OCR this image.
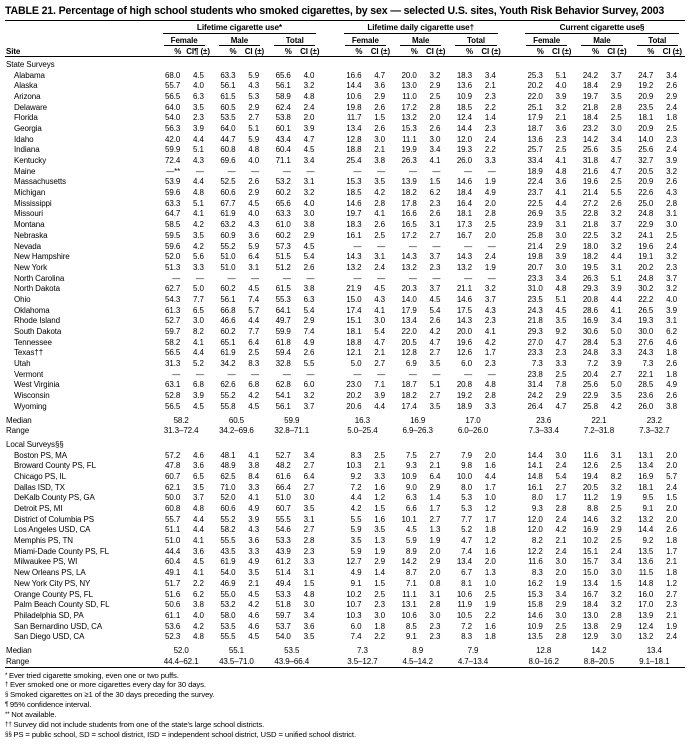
TABLE 21. Percentage of high school students who smoked cigarettes, by sex — selected U.S. sites, Youth Risk Behavior Survey, 2003

	Lifetime cigarette use*							Lifetime daily cigarette use†							Current cigarette use§					

	Female		Male		Total			Female		Male		Total			Female		Male		Total	

Site	%	CI¶ (±)	%	CI (±)	%	CI (±)		%	CI (±)	%	CI (±)	%	CI (±)		%	CI (±)	%	CI (±)	%	CI (±)
State Surveys																				
Alabama	68.0	4.5	63.3	5.9	65.6	4.0		16.6	4.7	20.0	3.2	18.3	3.4		25.3	5.1	24.2	3.7	24.7	3.4
Alaska	55.7	4.0	56.1	4.3	56.1	3.2		14.4	3.6	13.0	2.9	13.6	2.1		20.2	4.0	18.4	2.9	19.2	2.6
Arizona	56.5	6.3	61.5	5.3	58.9	4.8		10.6	2.9	11.0	2.5	10.9	2.3		22.0	3.9	19.7	3.5	20.9	2.9
Delaware	64.0	3.5	60.5	2.9	62.4	2.4		19.8	2.6	17.2	2.8	18.5	2.2		25.1	3.2	21.8	2.8	23.5	2.4
Florida	54.0	2.3	53.5	2.7	53.8	2.0		11.7	1.5	13.2	2.0	12.4	1.4		17.9	2.1	18.4	2.5	18.1	1.8
Georgia	56.3	3.9	64.0	5.1	60.1	3.9		13.4	2.6	15.3	2.6	14.4	2.3		18.7	3.6	23.2	3.0	20.9	2.5
Idaho	42.0	4.4	44.7	5.9	43.4	4.7		12.8	3.0	11.1	3.0	12.0	2.4		13.6	2.3	14.2	3.4	14.0	2.3
Indiana	59.9	5.1	60.8	4.8	60.4	4.5		18.8	2.1	19.9	3.4	19.3	2.2		25.7	2.5	25.6	3.5	25.6	2.4
Kentucky	72.4	4.3	69.6	4.0	71.1	3.4		25.4	3.8	26.3	4.1	26.0	3.3		33.4	4.1	31.8	4.7	32.7	3.9
Maine	—**	—	—	—	—	—		—	—	—	—	—	—		18.9	4.8	21.6	4.7	20.5	3.2
Massachusetts	53.9	4.4	52.5	2.6	53.2	3.1		15.3	3.5	13.9	1.5	14.6	1.9		22.4	3.6	19.6	2.5	20.9	2.6
Michigan	59.6	4.8	60.6	2.9	60.2	3.2		18.5	4.2	18.2	6.2	18.4	4.9		23.7	4.1	21.4	5.5	22.6	4.3
Mississippi	63.3	5.1	67.7	4.5	65.6	4.0		14.6	2.8	17.8	2.3	16.4	2.0		22.5	4.4	27.2	2.6	25.0	2.8
Missouri	64.7	4.1	61.9	4.0	63.3	3.0		19.7	4.1	16.6	2.6	18.1	2.8		26.9	3.5	22.8	3.2	24.8	3.1
Montana	58.5	4.2	63.2	4.3	61.0	3.8		18.3	2.6	16.5	3.1	17.3	2.5		23.9	3.1	21.8	3.7	22.9	3.0
Nebraska	59.5	3.5	60.9	3.6	60.2	2.9		16.1	2.5	17.2	2.7	16.7	2.0		25.8	3.0	22.5	3.2	24.1	2.5
Nevada	59.6	4.2	55.2	5.9	57.3	4.5		—	—	—	—	—	—		21.4	2.9	18.0	3.2	19.6	2.4
New Hampshire	52.0	5.6	51.0	6.4	51.5	5.4		14.3	3.1	14.3	3.7	14.3	2.4		19.8	3.9	18.2	4.4	19.1	3.2
New York	51.3	3.3	51.0	3.1	51.2	2.6		13.2	2.4	13.2	2.3	13.2	1.9		20.7	3.0	19.5	3.1	20.2	2.3
North Carolina	—	—	—	—	—	—		—	—	—	—	—	—		23.3	3.4	26.3	5.1	24.8	3.7
North Dakota	62.7	5.0	60.2	4.5	61.5	3.8		21.9	4.5	20.3	3.7	21.1	3.2		31.0	4.8	29.3	3.9	30.2	3.2
Ohio	54.3	7.7	56.1	7.4	55.3	6.3		15.0	4.3	14.0	4.5	14.6	3.7		23.5	5.1	20.8	4.4	22.2	4.0
Oklahoma	61.3	6.5	66.8	5.7	64.1	5.4		17.4	4.1	17.9	5.4	17.5	4.3		24.3	4.5	28.6	4.1	26.5	3.9
Rhode Island	52.7	3.0	46.6	4.4	49.7	2.9		15.1	3.0	13.4	2.6	14.3	2.3		21.8	3.5	16.9	3.4	19.3	3.1
South Dakota	59.7	8.2	60.2	7.7	59.9	7.4		18.1	5.4	22.0	4.2	20.0	4.1		29.3	9.2	30.6	5.0	30.0	6.2
Tennessee	58.2	4.1	65.1	6.4	61.8	4.9		18.8	4.7	20.5	4.7	19.6	4.2		27.0	4.7	28.4	5.3	27.6	4.6
Texas††	56.5	4.4	61.9	2.5	59.4	2.6		12.1	2.1	12.8	2.7	12.6	1.7		23.3	2.3	24.8	3.3	24.3	1.8
Utah	31.3	5.2	34.2	8.3	32.8	5.5		5.0	2.7	6.9	3.5	6.0	2.3		7.3	3.3	7.2	3.9	7.3	2.6
Vermont	—	—	—	—	—	—		—	—	—	—	—	—		23.8	2.5	20.4	2.7	22.1	1.8
West Virginia	63.1	6.8	62.6	6.8	62.8	6.0		23.0	7.1	18.7	5.1	20.8	4.8		31.4	7.8	25.6	5.0	28.5	4.9
Wisconsin	52.8	3.9	55.2	4.2	54.1	3.2		20.2	3.9	18.2	2.7	19.2	2.8		24.2	2.9	22.9	3.5	23.6	2.6
Wyoming	56.5	4.5	55.8	4.5	56.1	3.7		20.6	4.4	17.4	3.5	18.9	3.3		26.4	4.7	25.8	4.2	26.0	3.8
Median	58.2		60.5		59.9			16.3		16.9		17.0			23.6		22.1		23.2	
Range	31.3–72.4		34.2–69.6		32.8–71.1			5.0–25.4		6.9–26.3		6.0–26.0			7.3–33.4		7.2–31.8		7.3–32.7	
Local Surveys§§																				
Boston PS, MA	57.2	4.6	48.1	4.1	52.7	3.4		8.3	2.5	7.5	2.7	7.9	2.0		14.4	3.0	11.6	3.1	13.1	2.0
Broward County PS, FL	47.8	3.6	48.9	3.8	48.2	2.7		10.3	2.1	9.3	2.1	9.8	1.6		14.1	2.4	12.6	2.5	13.4	2.0
Chicago PS, IL	60.7	6.5	62.5	8.4	61.6	6.4		9.2	3.3	10.9	6.4	10.0	4.4		14.8	5.4	19.4	8.2	16.9	5.7
Dallas ISD, TX	62.1	3.5	71.0	3.3	66.4	2.7		7.2	1.6	9.0	2.9	8.0	1.7		16.1	2.7	20.5	3.2	18.1	2.4
DeKalb County PS, GA	50.0	3.7	52.0	4.1	51.0	3.0		4.4	1.2	6.3	1.4	5.3	1.0		8.0	1.7	11.2	1.9	9.5	1.5
Detroit PS, MI	60.8	4.8	60.6	4.9	60.7	3.5		4.2	1.5	6.6	1.7	5.3	1.2		9.3	2.8	8.8	2.5	9.1	2.0
District of Columbia PS	55.7	4.4	55.2	3.9	55.5	3.1		5.5	1.6	10.1	2.7	7.7	1.7		12.0	2.4	14.6	3.2	13.2	2.0
Los Angeles USD, CA	51.1	4.4	58.2	4.3	54.6	2.7		5.9	3.5	4.5	1.3	5.2	1.8		12.0	4.2	16.9	2.9	14.4	2.6
Memphis PS, TN	51.0	4.1	55.5	3.6	53.3	2.8		3.5	1.3	5.9	1.9	4.7	1.2		8.2	2.1	10.2	2.5	9.2	1.8
Miami-Dade County PS, FL	44.4	3.6	43.5	3.3	43.9	2.3		5.9	1.9	8.9	2.0	7.4	1.6		12.2	2.4	15.1	2.4	13.5	1.7
Milwaukee PS, WI	60.4	4.5	61.9	4.9	61.2	3.3		12.7	2.9	14.2	2.9	13.4	2.0		11.6	3.0	15.7	3.4	13.6	2.1
New Orleans PS, LA	49.1	4.1	54.0	3.5	51.4	3.1		4.9	1.4	8.7	2.0	6.7	1.3		8.3	2.0	15.0	3.0	11.5	1.8
New York City PS, NY	51.7	2.2	46.9	2.1	49.4	1.5		9.1	1.5	7.1	0.8	8.1	1.0		16.2	1.9	13.4	1.5	14.8	1.2
Orange County PS, FL	51.6	6.2	55.0	4.5	53.3	4.8		10.2	2.5	11.1	3.1	10.6	2.5		15.3	3.4	16.7	3.2	16.0	2.7
Palm Beach County SD, FL	50.6	3.8	53.2	4.2	51.8	3.0		10.7	2.3	13.1	2.8	11.9	1.9		15.8	2.9	18.4	3.2	17.0	2.3
Philadelphia SD, PA	61.1	4.0	58.0	4.6	59.7	3.4		10.3	3.0	10.6	3.0	10.5	2.2		14.6	3.0	13.0	2.8	13.9	2.1
San Bernardino USD, CA	53.6	4.2	53.5	4.6	53.7	3.6		6.0	1.8	8.5	2.3	7.2	1.6		10.9	2.5	13.8	2.9	12.4	1.9
San Diego USD, CA	52.3	4.8	55.5	4.5	54.0	3.5		7.4	2.2	9.1	2.3	8.3	1.8		13.5	2.8	12.9	3.0	13.2	2.4
Median	52.0		55.1		53.5			7.3		8.9		7.9			12.8		14.2		13.4	
Range	44.4–62.1		43.5–71.0		43.9–66.4			3.5–12.7		4.5–14.2		4.7–13.4			8.0–16.2		8.8–20.5		9.1–18.1	
* Ever tried cigarette smoking, even one or two puffs.
† Ever smoked one or more cigarettes every day for 30 days.
§ Smoked cigarettes on ≥1 of the 30 days preceding the survey.
¶ 95% confidence interval.
** Not available.
†† Survey did not include students from one of the state's large school districts.
§§ PS = public school, SD = school district, ISD = independent school district, USD = unified school district.
